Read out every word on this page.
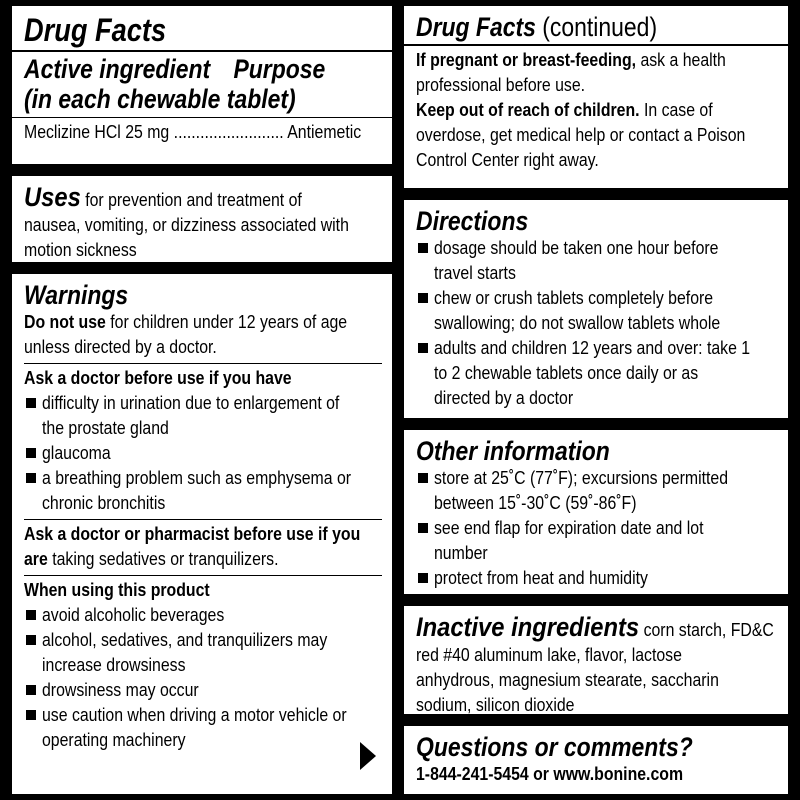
Drug Facts
Active ingredient Purpose
(in each chewable tablet)
Meclizine HCl 25 mg ......................... Antiemetic
Uses for prevention and treatment of
nausea, vomiting, or dizziness associated with
motion sickness
Warnings
Do not use for children under 12 years of age
unless directed by a doctor.
Ask a doctor before use if you have
difficulty in urination due to enlargement of
the prostate gland
glaucoma
a breathing problem such as emphysema or
chronic bronchitis
Ask a doctor or pharmacist before use if you
are taking sedatives or tranquilizers.
When using this product
avoid alcoholic beverages
alcohol, sedatives, and tranquilizers may
increase drowsiness
drowsiness may occur
use caution when driving a motor vehicle or
operating machinery
Drug Facts (continued)
If pregnant or breast-feeding, ask a health
professional before use.
Keep out of reach of children. In case of
overdose, get medical help or contact a Poison
Control Center right away.
Directions
dosage should be taken one hour before
travel starts
chew or crush tablets completely before
swallowing; do not swallow tablets whole
adults and children 12 years and over: take 1
to 2 chewable tablets once daily or as
directed by a doctor
Other information
store at 25˚C (77˚F); excursions permitted
between 15˚-30˚C (59˚-86˚F)
see end flap for expiration date and lot
number
protect from heat and humidity
Inactive ingredients corn starch, FD&C
red #40 aluminum lake, flavor, lactose
anhydrous, magnesium stearate, saccharin
sodium, silicon dioxide
Questions or comments?
1-844-241-5454 or www.bonine.com
